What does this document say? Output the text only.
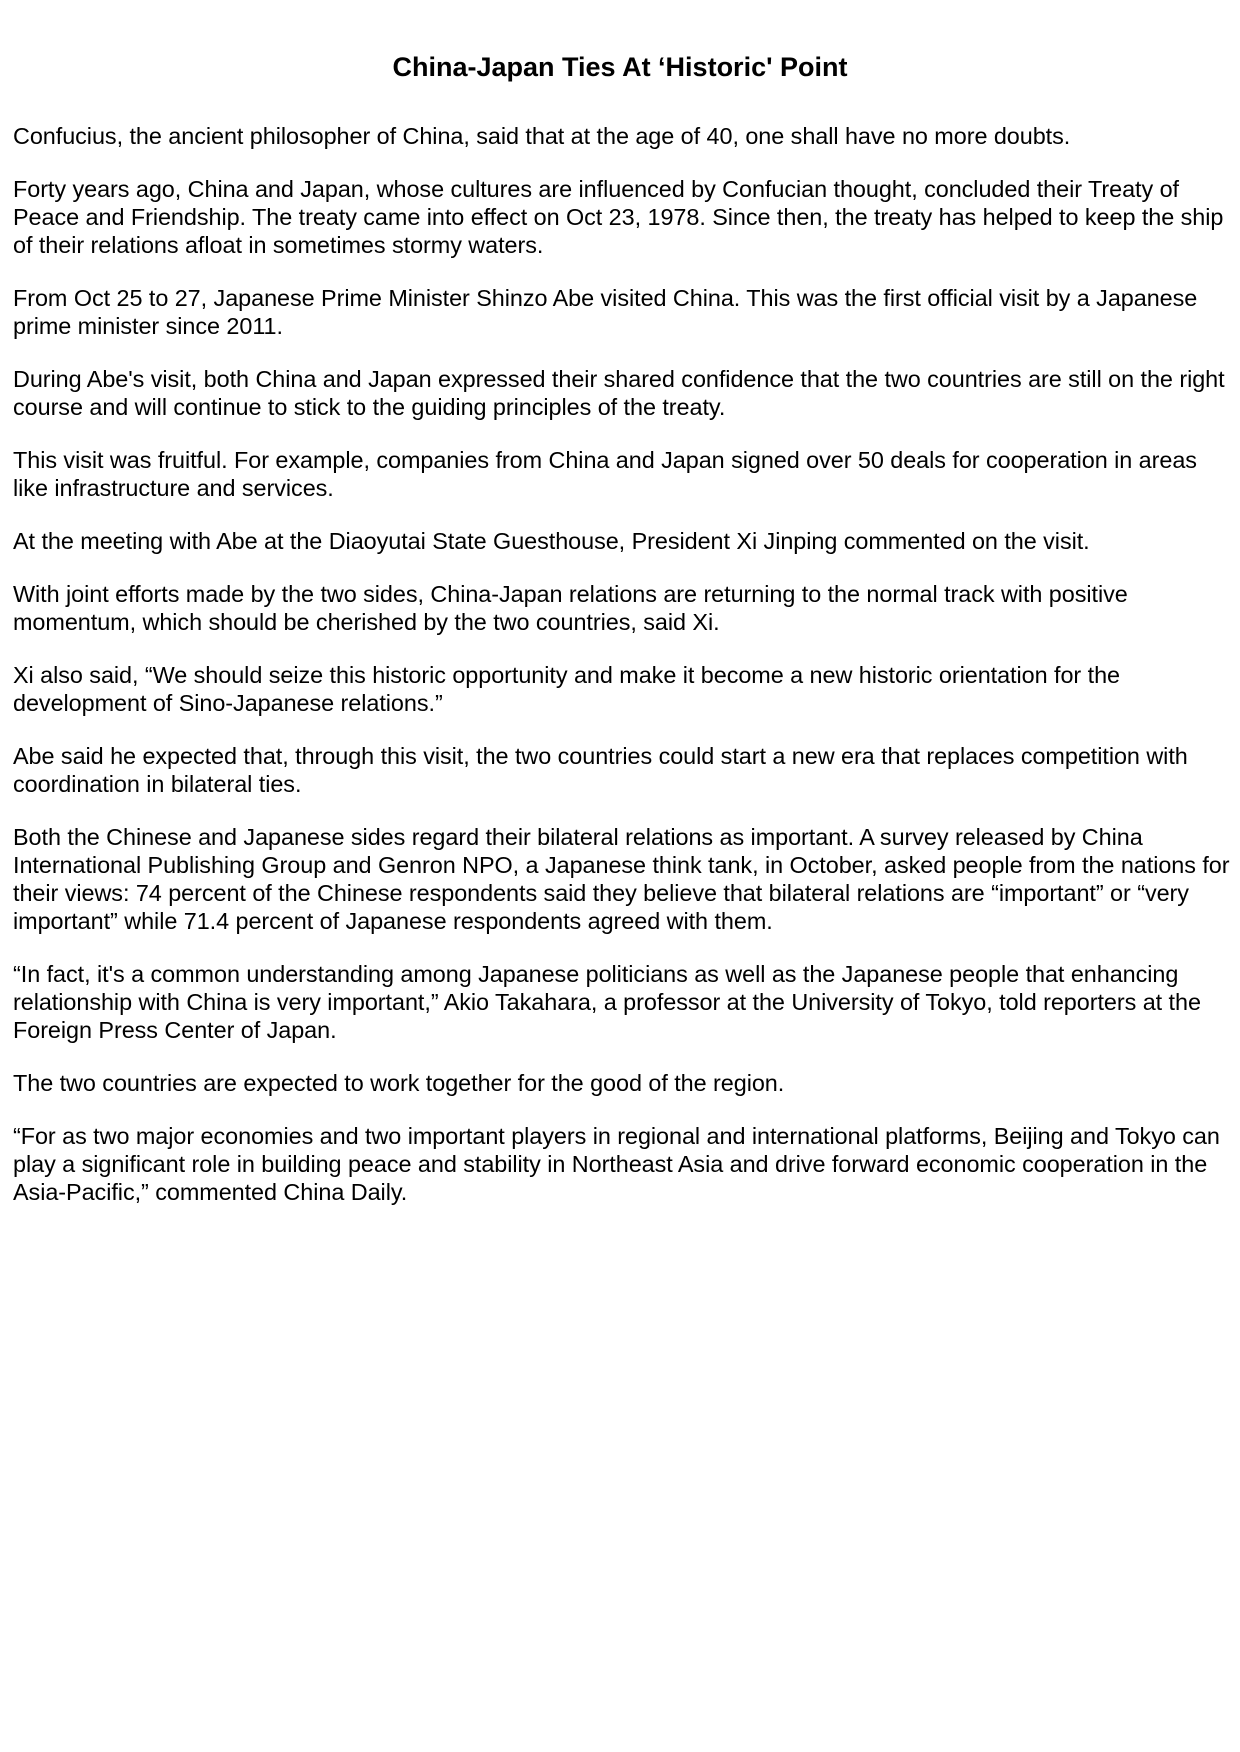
China-Japan Ties At ‘Historic' Point

Confucius, the ancient philosopher of China, said that at the age of 40, one shall have no more doubts.

Forty years ago, China and Japan, whose cultures are influenced by Confucian thought, concluded their Treaty of Peace and Friendship. The treaty came into effect on Oct 23, 1978. Since then, the treaty has helped to keep the ship of their relations afloat in sometimes stormy waters.

From Oct 25 to 27, Japanese Prime Minister Shinzo Abe visited China. This was the first official visit by a Japanese prime minister since 2011.

During Abe's visit, both China and Japan expressed their shared confidence that the two countries are still on the right course and will continue to stick to the guiding principles of the treaty.

This visit was fruitful. For example, companies from China and Japan signed over 50 deals for cooperation in areas like infrastructure and services.

At the meeting with Abe at the Diaoyutai State Guesthouse, President Xi Jinping commented on the visit.

With joint efforts made by the two sides, China-Japan relations are returning to the normal track with positive momentum, which should be cherished by the two countries, said Xi.

Xi also said, “We should seize this historic opportunity and make it become a new historic orientation for the development of Sino-Japanese relations.”

Abe said he expected that, through this visit, the two countries could start a new era that replaces competition with coordination in bilateral ties.

Both the Chinese and Japanese sides regard their bilateral relations as important. A survey released by China International Publishing Group and Genron NPO, a Japanese think tank, in October, asked people from the nations for their views: 74 percent of the Chinese respondents said they believe that bilateral relations are “important” or “very important” while 71.4 percent of Japanese respondents agreed with them.

“In fact, it's a common understanding among Japanese politicians as well as the Japanese people that enhancing relationship with China is very important,” Akio Takahara, a professor at the University of Tokyo, told reporters at the Foreign Press Center of Japan.

The two countries are expected to work together for the good of the region.

“For as two major economies and two important players in regional and international platforms, Beijing and Tokyo can play a significant role in building peace and stability in Northeast Asia and drive forward economic cooperation in the Asia-Pacific,” commented China Daily.
